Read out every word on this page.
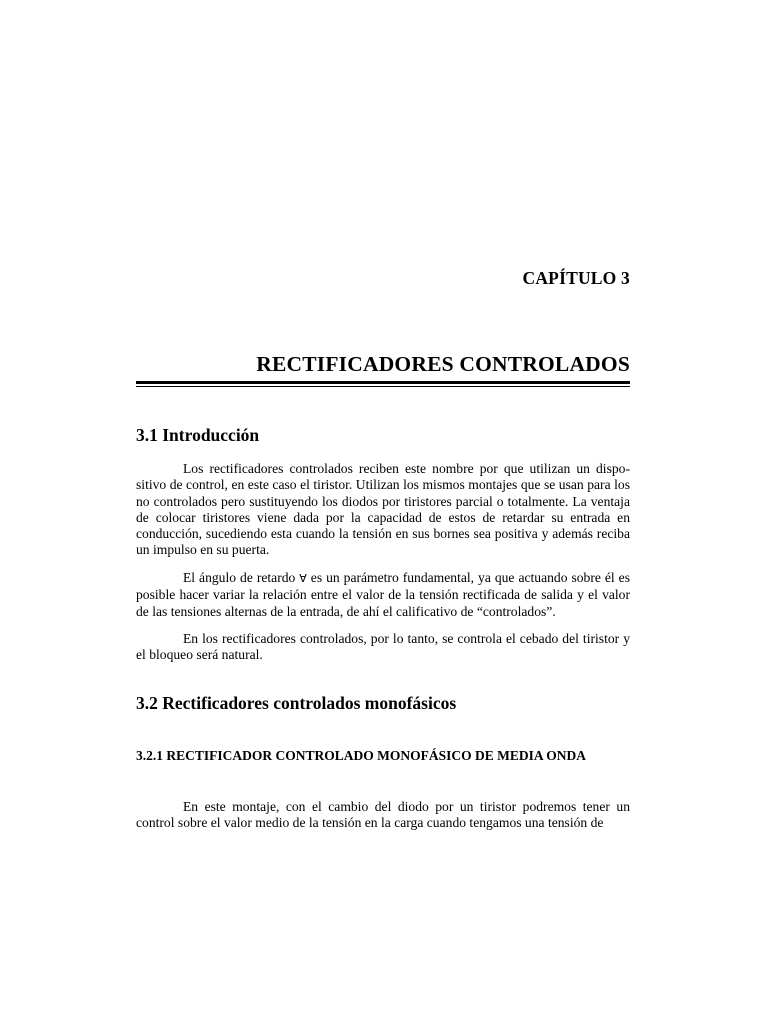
CAPÍTULO 3
RECTIFICADORES CONTROLADOS
3.1 Introducción

Los rectificadores controlados reciben este nombre por que utilizan un dispo-sitivo de control, en este caso el tiristor. Utilizan los mismos montajes que se usan para los no controlados pero sustituyendo los diodos por tiristores parcial o totalmente. La ventaja de colocar tiristores viene dada por la capacidad de estos de retardar su entrada en conducción, sucediendo esta cuando la tensión en sus bornes sea positiva y además reciba un impulso en su puerta.

El ángulo de retardo ∀ es un parámetro fundamental, ya que actuando sobre él es posible hacer variar la relación entre el valor de la tensión rectificada de salida y el valor de las tensiones alternas de la entrada, de ahí el calificativo de “controlados”.

En los rectificadores controlados, por lo tanto, se controla el cebado del tiristor y el bloqueo será natural.

3.2 Rectificadores controlados monofásicos
3.2.1 RECTIFICADOR CONTROLADO MONOFÁSICO DE MEDIA ONDA

En este montaje, con el cambio del diodo por un tiristor podremos tener un control sobre el valor medio de la tensión en la carga cuando tengamos una tensión de
